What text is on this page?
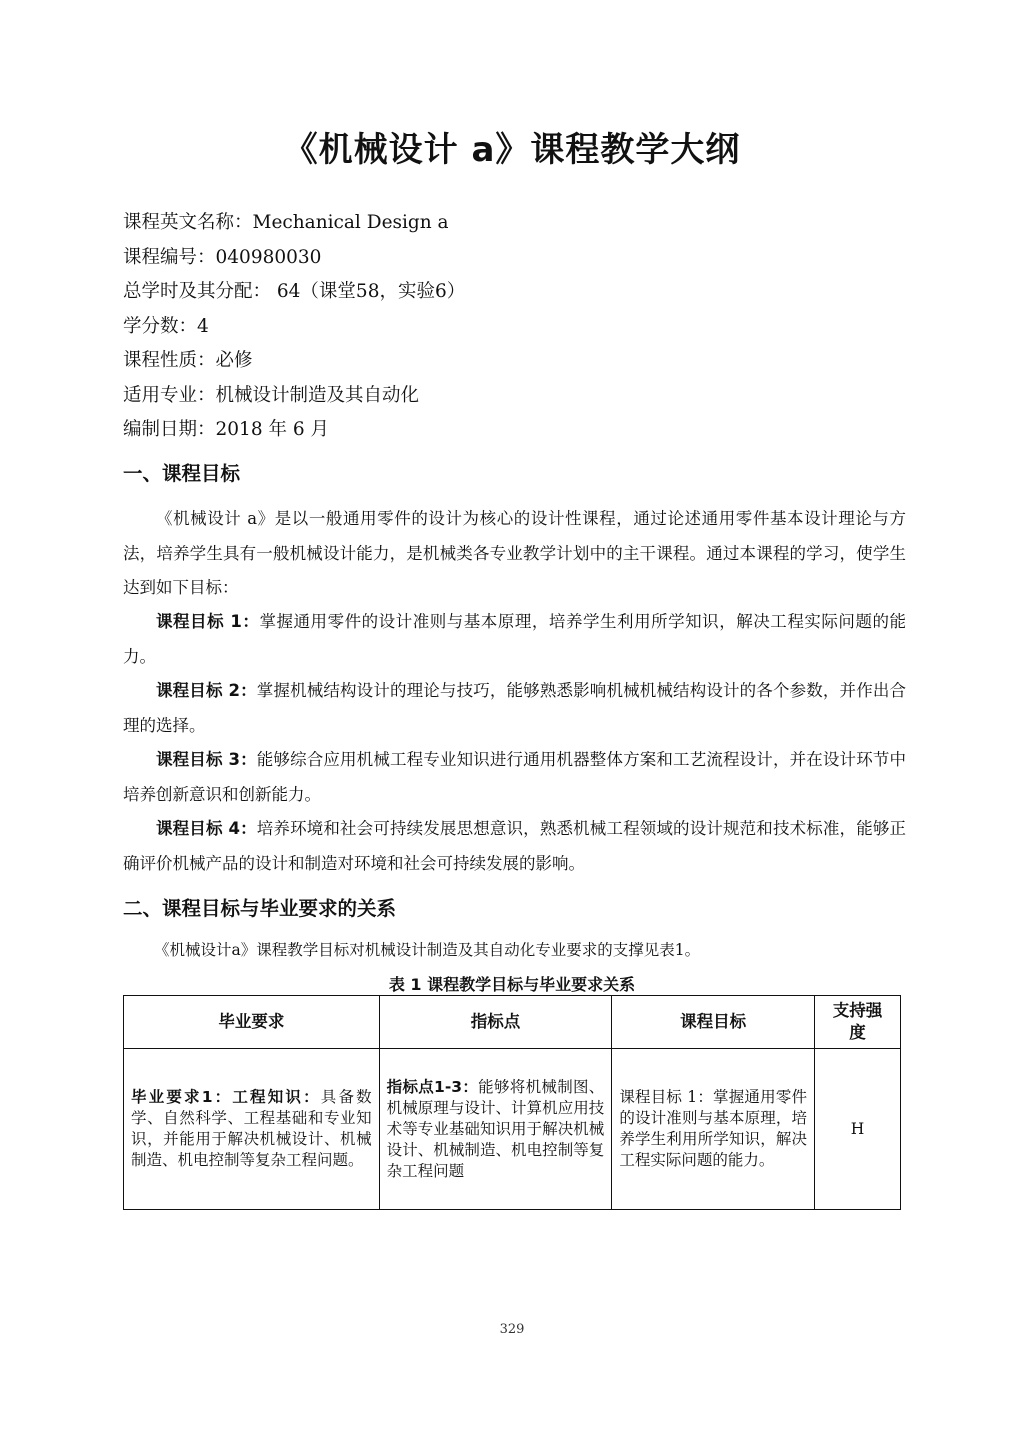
《机械设计 a》课程教学大纲
课程英文名称：Mechanical Design a
课程编号：040980030
总学时及其分配： 64（课堂58，实验6）
学分数：4
课程性质：必修
适用专业：机械设计制造及其自动化
编制日期：2018 年 6 月
一、课程目标
《机械设计 a》是以一般通用零件的设计为核心的设计性课程，通过论述通用零件基本设计理论与方法，培养学生具有一般机械设计能力，是机械类各专业教学计划中的主干课程。通过本课程的学习，使学生达到如下目标：
课程目标 1：掌握通用零件的设计准则与基本原理，培养学生利用所学知识，解决工程实际问题的能力。
课程目标 2：掌握机械结构设计的理论与技巧，能够熟悉影响机械机械结构设计的各个参数，并作出合理的选择。
课程目标 3：能够综合应用机械工程专业知识进行通用机器整体方案和工艺流程设计，并在设计环节中培养创新意识和创新能力。
课程目标 4：培养环境和社会可持续发展思想意识，熟悉机械工程领域的设计规范和技术标准，能够正确评价机械产品的设计和制造对环境和社会可持续发展的影响。
二、课程目标与毕业要求的关系
《机械设计a》课程教学目标对机械设计制造及其自动化专业要求的支撑见表1。
表 1 课程教学目标与毕业要求关系
毕业要求	指标点	课程目标	支持强度
毕业要求1：工程知识：具备数学、自然科学、工程基础和专业知识，并能用于解决机械设计、机械制造、机电控制等复杂工程问题。	指标点1-3：能够将机械制图、机械原理与设计、计算机应用技术等专业基础知识用于解决机械设计、机械制造、机电控制等复杂工程问题	课程目标 1：掌握通用零件的设计准则与基本原理，培养学生利用所学知识，解决工程实际问题的能力。	H
329
